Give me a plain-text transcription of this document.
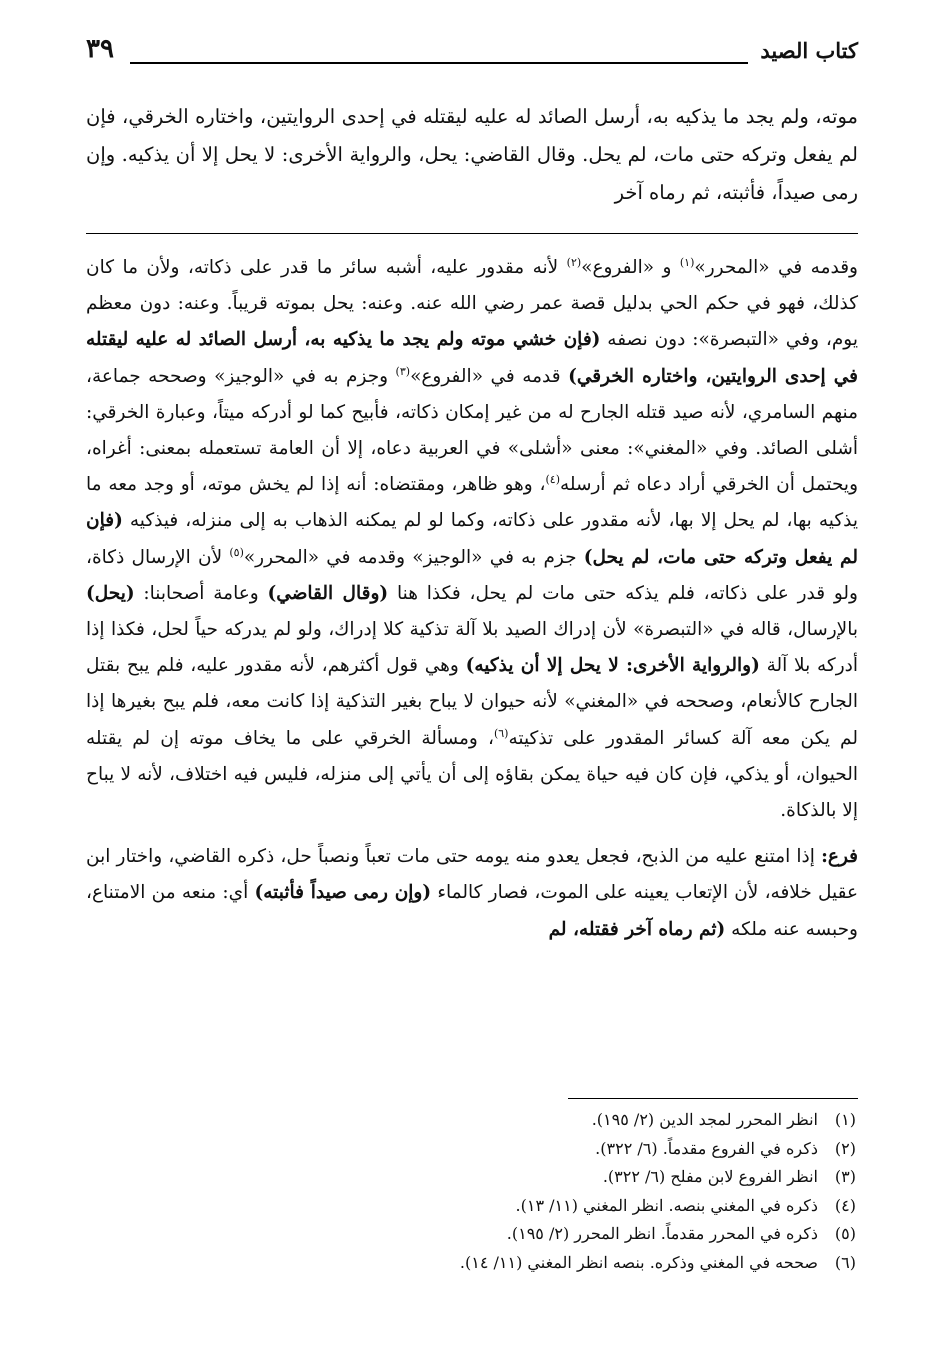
كتاب الصيد
٣٩

موته، ولم يجد ما يذكيه به، أرسل الصائد له عليه ليقتله في إحدى الروايتين، واختاره الخرقي، فإن لم يفعل وتركه حتى مات، لم يحل. وقال القاضي: يحل، والرواية الأخرى: لا يحل إلا أن يذكيه. وإن رمى صيداً، فأثبته، ثم رماه آخر

وقدمه في «المحرر»$^{(١)}$ و «الفروع»$^{(٢)}$ لأنه مقدور عليه، أشبه سائر ما قدر على ذكاته، ولأن ما كان كذلك، فهو في حكم الحي بدليل قصة عمر رضي الله عنه. وعنه: يحل بموته قريباً. وعنه: دون معظم يوم، وفي «التبصرة»: دون نصفه (فإن خشي موته ولم يجد ما يذكيه به، أرسل الصائد له عليه ليقتله في إحدى الروايتين، واختاره الخرقي) قدمه في «الفروع»$^{(٣)}$ وجزم به في «الوجيز» وصححه جماعة، منهم السامري، لأنه صيد قتله الجارح له من غير إمكان ذكاته، فأبيح كما لو أدركه ميتاً، وعبارة الخرقي: أشلى الصائد. وفي «المغني»: معنى «أشلى» في العربية دعاه، إلا أن العامة تستعمله بمعنى: أغراه، ويحتمل أن الخرقي أراد دعاه ثم أرسله$^{(٤)}$، وهو ظاهر، ومقتضاه: أنه إذا لم يخش موته، أو وجد معه ما يذكيه بها، لم يحل إلا بها، لأنه مقدور على ذكاته، وكما لو لم يمكنه الذهاب به إلى منزله، فيذكيه (فإن لم يفعل وتركه حتى مات، لم يحل) جزم به في «الوجيز» وقدمه في «المحرر»$^{(٥)}$ لأن الإرسال ذكاة، ولو قدر على ذكاته، فلم يذكه حتى مات لم يحل، فكذا هنا (وقال القاضي) وعامة أصحابنا: (يحل) بالإرسال، قاله في «التبصرة» لأن إدراك الصيد بلا آلة تذكية كلا إدراك، ولو لم يدركه حياً لحل، فكذا إذا أدركه بلا آلة (والرواية الأخرى: لا يحل إلا أن يذكيه) وهي قول أكثرهم، لأنه مقدور عليه، فلم يبح بقتل الجارح كالأنعام، وصححه في «المغني» لأنه حيوان لا يباح بغير التذكية إذا كانت معه، فلم يبح بغيرها إذا لم يكن معه آلة كسائر المقدور على تذكيته$^{(٦)}$، ومسألة الخرقي على ما يخاف موته إن لم يقتله الحيوان، أو يذكي، فإن كان فيه حياة يمكن بقاؤه إلى أن يأتي إلى منزله، فليس فيه اختلاف، لأنه لا يباح إلا بالذكاة.

فرع: إذا امتنع عليه من الذبح، فجعل يعدو منه يومه حتى مات تعباً ونصباً حل، ذكره القاضي، واختار ابن عقيل خلافه، لأن الإتعاب يعينه على الموت، فصار كالماء (وإن رمى صيداً فأثبته) أي: منعه من الامتناع، وحبسه عنه ملكه (ثم رماه آخر فقتله، لم

(١)انظر المحرر لمجد الدين (٢/ ١٩٥).
(٢)ذكره في الفروع مقدماً. (٦/ ٣٢٢).
(٣)انظر الفروع لابن مفلح (٦/ ٣٢٢).
(٤)ذكره في المغني بنصه. انظر المغني (١١/ ١٣).
(٥)ذكره في المحرر مقدماً. انظر المحرر (٢/ ١٩٥).
(٦)صححه في المغني وذكره. بنصه انظر المغني (١١/ ١٤).
